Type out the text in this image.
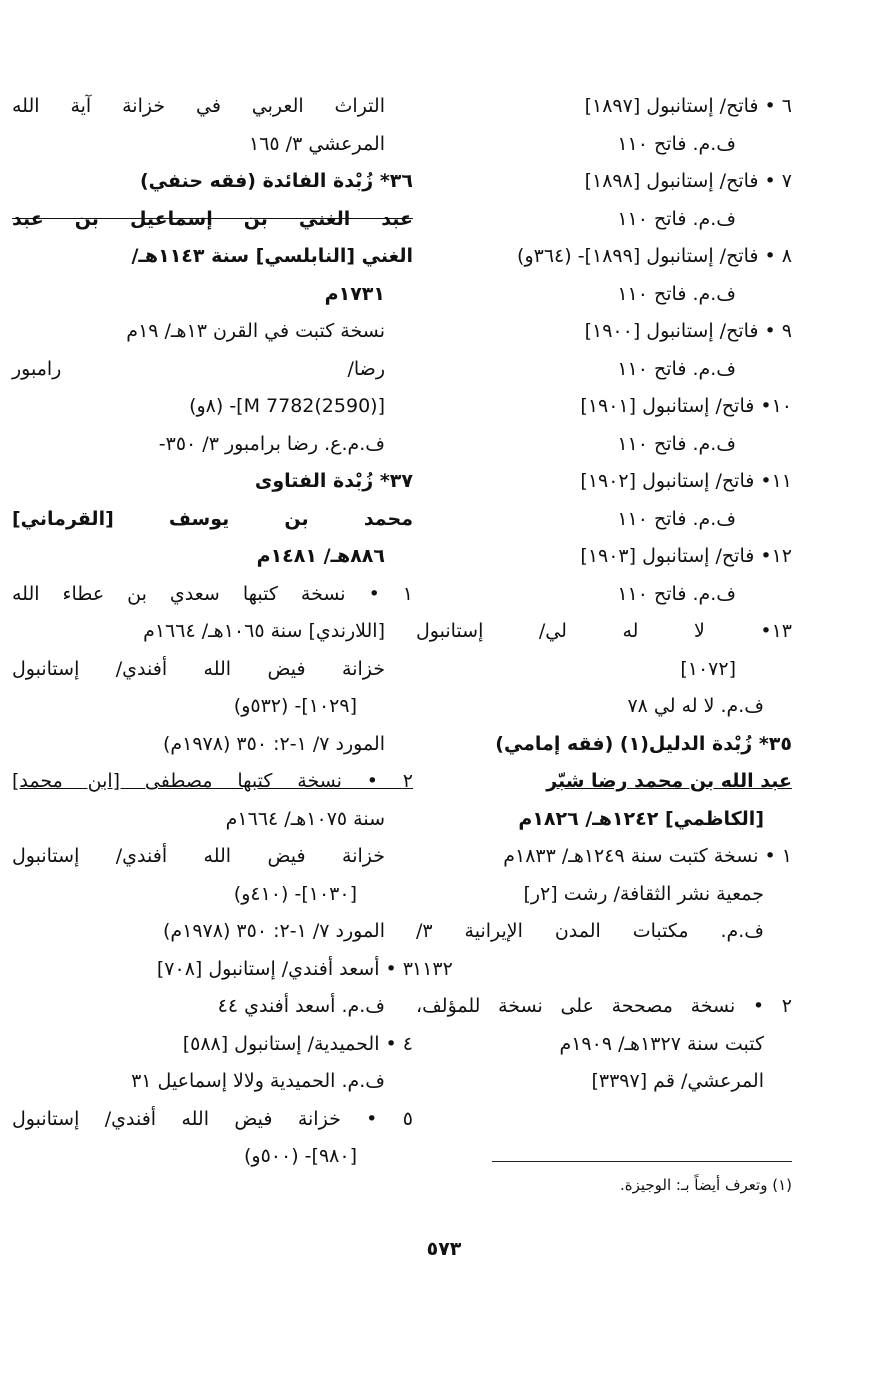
٦ • فاتح/ إستانبول [١٨٩٧]
ف.م. فاتح ١١٠
٧ • فاتح/ إستانبول [١٨٩٨]
ف.م. فاتح ١١٠
٨ • فاتح/ إستانبول [١٨٩٩]- (٣٦٤و)
ف.م. فاتح ١١٠
٩ • فاتح/ إستانبول [١٩٠٠]
ف.م. فاتح ١١٠
١٠• فاتح/ إستانبول [١٩٠١]
ف.م. فاتح ١١٠
١١• فاتح/ إستانبول [١٩٠٢]
ف.م. فاتح ١١٠
١٢• فاتح/ إستانبول [١٩٠٣]
ف.م. فاتح ١١٠
١٣• لا له لي/ إستانبول
[١٠٧٢]
ف.م. لا له لي ٧٨
٣٥* زُبْدة الدليل(١) (فقه إمامي)
عبد الله بن محمد رضا شبّر
[الكاظمي] ١٢٤٢هـ/ ١٨٢٦م
١ • نسخة كتبت سنة ١٢٤٩هـ/ ١٨٣٣م
جمعية نشر الثقافة/ رشت [٢ر]
ف.م. مكتبات المدن الإيرانية ٣/
١١٣٢
٢ • نسخة مصححة على نسخة للمؤلف،
كتبت سنة ١٣٢٧هـ/ ١٩٠٩م
المرعشي/ قم [٣٣٩٧]
التراث العربي في خزانة آية الله
المرعشي ٣/ ١٦٥
٣٦* زُبْدة الفائدة (فقه حنفي)
عبد الغني بن إسماعيل بن عبد
الغني [النابلسي] سنة ١١٤٣هـ/
١٧٣١م
نسخة كتبت في القرن ١٣هـ/ ١٩م
رضا/ رامبور
[M 7782(2590)]- (٨و)
ف.م.ع. رضا برامبور ٣/ ٣٥٠-
٣٧* زُبْدة الفتاوى
محمد بن يوسف [القرماني]
٨٨٦هـ/ ١٤٨١م
١ • نسخة كتبها سعدي بن عطاء الله
[اللارندي] سنة ١٠٦٥هـ/ ١٦٦٤م
خزانة فيض الله أفندي/ إستانبول
[١٠٢٩]- (٥٣٢و)
المورد ٧/ ١-٢: ٣٥٠ (١٩٧٨م)
٢ • نسخة كتبها مصطفى [ابن محمد]
سنة ١٠٧٥هـ/ ١٦٦٤م
خزانة فيض الله أفندي/ إستانبول
[١٠٣٠]- (٤١٠و)
المورد ٧/ ١-٢: ٣٥٠ (١٩٧٨م)
٣ • أسعد أفندي/ إستانبول [٧٠٨]
ف.م. أسعد أفندي ٤٤
٤ • الحميدية/ إستانبول [٥٨٨]
ف.م. الحميدية ولالا إسماعيل ٣١
٥ • خزانة فيض الله أفندي/ إستانبول
[٩٨٠]- (٥٠٠و)
(١) وتعرف أيضاً بـ: الوجيزة.
٥٧٣
